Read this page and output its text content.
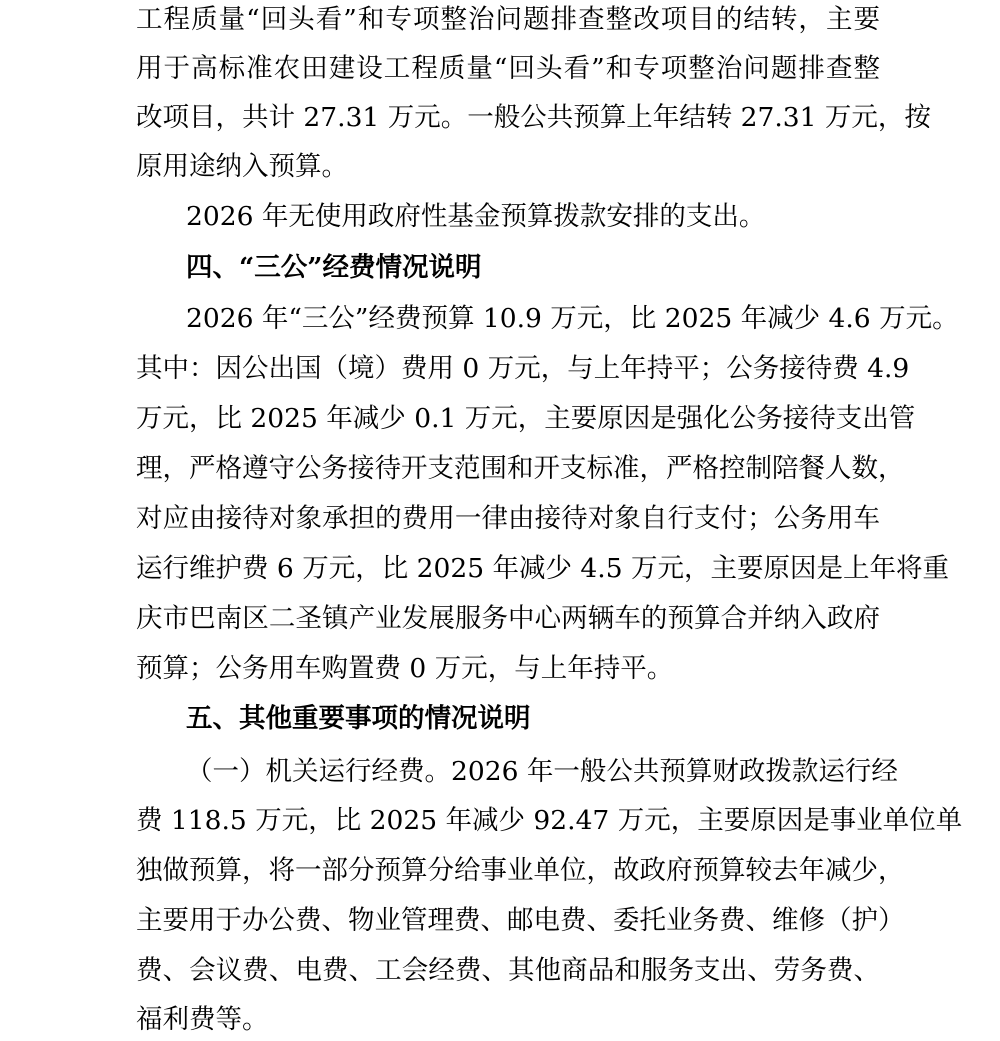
工程质量“回头看”和专项整治问题排查整改项目的结转，主要
用于高标准农田建设工程质量“回头看”和专项整治问题排查整
改项目，共计 27.31 万元。一般公共预算上年结转 27.31 万元，按
原用途纳入预算。
2026 年无使用政府性基金预算拨款安排的支出。
四、“三公”经费情况说明
2026 年“三公”经费预算 10.9 万元，比 2025 年减少 4.6 万元。
其中：因公出国（境）费用 0 万元，与上年持平；公务接待费 4.9
万元，比 2025 年减少 0.1 万元，主要原因是强化公务接待支出管
理，严格遵守公务接待开支范围和开支标准，严格控制陪餐人数，
对应由接待对象承担的费用一律由接待对象自行支付；公务用车
运行维护费 6 万元，比 2025 年减少 4.5 万元，主要原因是上年将重
庆市巴南区二圣镇产业发展服务中心两辆车的预算合并纳入政府
预算；公务用车购置费 0 万元，与上年持平。
五、其他重要事项的情况说明
（一）机关运行经费。2026 年一般公共预算财政拨款运行经
费 118.5 万元，比 2025 年减少 92.47 万元，主要原因是事业单位单
独做预算，将一部分预算分给事业单位，故政府预算较去年减少，
主要用于办公费、物业管理费、邮电费、委托业务费、维修（护）
费、会议费、电费、工会经费、其他商品和服务支出、劳务费、
福利费等。
